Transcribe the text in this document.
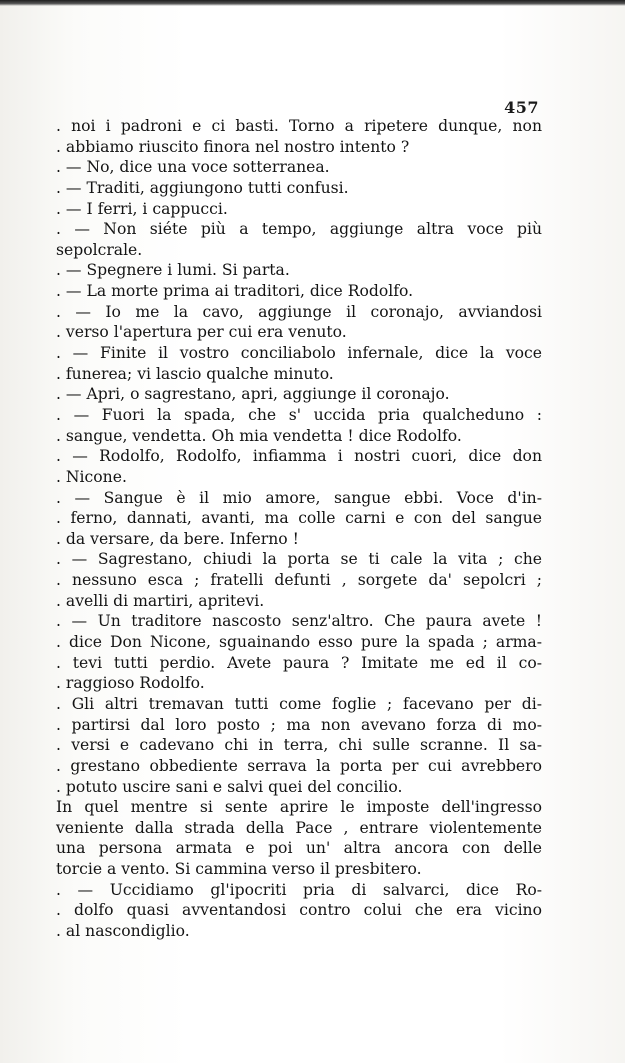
457
. noi i padroni e ci basti. Torno a ripetere dunque, non
. abbiamo riuscito finora nel nostro intento ?
. — No, dice una voce sotterranea.
. — Traditi, aggiungono tutti confusi.
. — I ferri, i cappucci.
. — Non siéte più a tempo, aggiunge altra voce più
sepolcrale.
. — Spegnere i lumi. Si parta.
. — La morte prima ai traditori, dice Rodolfo.
. — Io me la cavo, aggiunge il coronajo, avviandosi
. verso l'apertura per cui era venuto.
. — Finite il vostro conciliabolo infernale, dice la voce
. funerea; vi lascio qualche minuto.
. — Apri, o sagrestano, apri, aggiunge il coronajo.
. — Fuori la spada, che s' uccida pria qualcheduno :
. sangue, vendetta. Oh mia vendetta ! dice Rodolfo.
. — Rodolfo, Rodolfo, infiamma i nostri cuori, dice don
. Nicone.
. — Sangue è il mio amore, sangue ebbi. Voce d'in-
. ferno, dannati, avanti, ma colle carni e con del sangue
. da versare, da bere. Inferno !
. — Sagrestano, chiudi la porta se ti cale la vita ; che
. nessuno esca ; fratelli defunti , sorgete da' sepolcri ;
. avelli di martiri, apritevi.
. — Un traditore nascosto senz'altro. Che paura avete !
. dice Don Nicone, sguainando esso pure la spada ; arma-
. tevi tutti perdio. Avete paura ? Imitate me ed il co-
. raggioso Rodolfo.
. Gli altri tremavan tutti come foglie ; facevano per di-
. partirsi dal loro posto ; ma non avevano forza di mo-
. versi e cadevano chi in terra, chi sulle scranne. Il sa-
. grestano obbediente serrava la porta per cui avrebbero
. potuto uscire sani e salvi quei del concilio.
In quel mentre si sente aprire le imposte dell'ingresso
veniente dalla strada della Pace , entrare violentemente
una persona armata e poi un' altra ancora con delle
torcie a vento. Si cammina verso il presbitero.
. — Uccidiamo gl'ipocriti pria di salvarci, dice Ro-
. dolfo quasi avventandosi contro colui che era vicino
. al nascondiglio.
